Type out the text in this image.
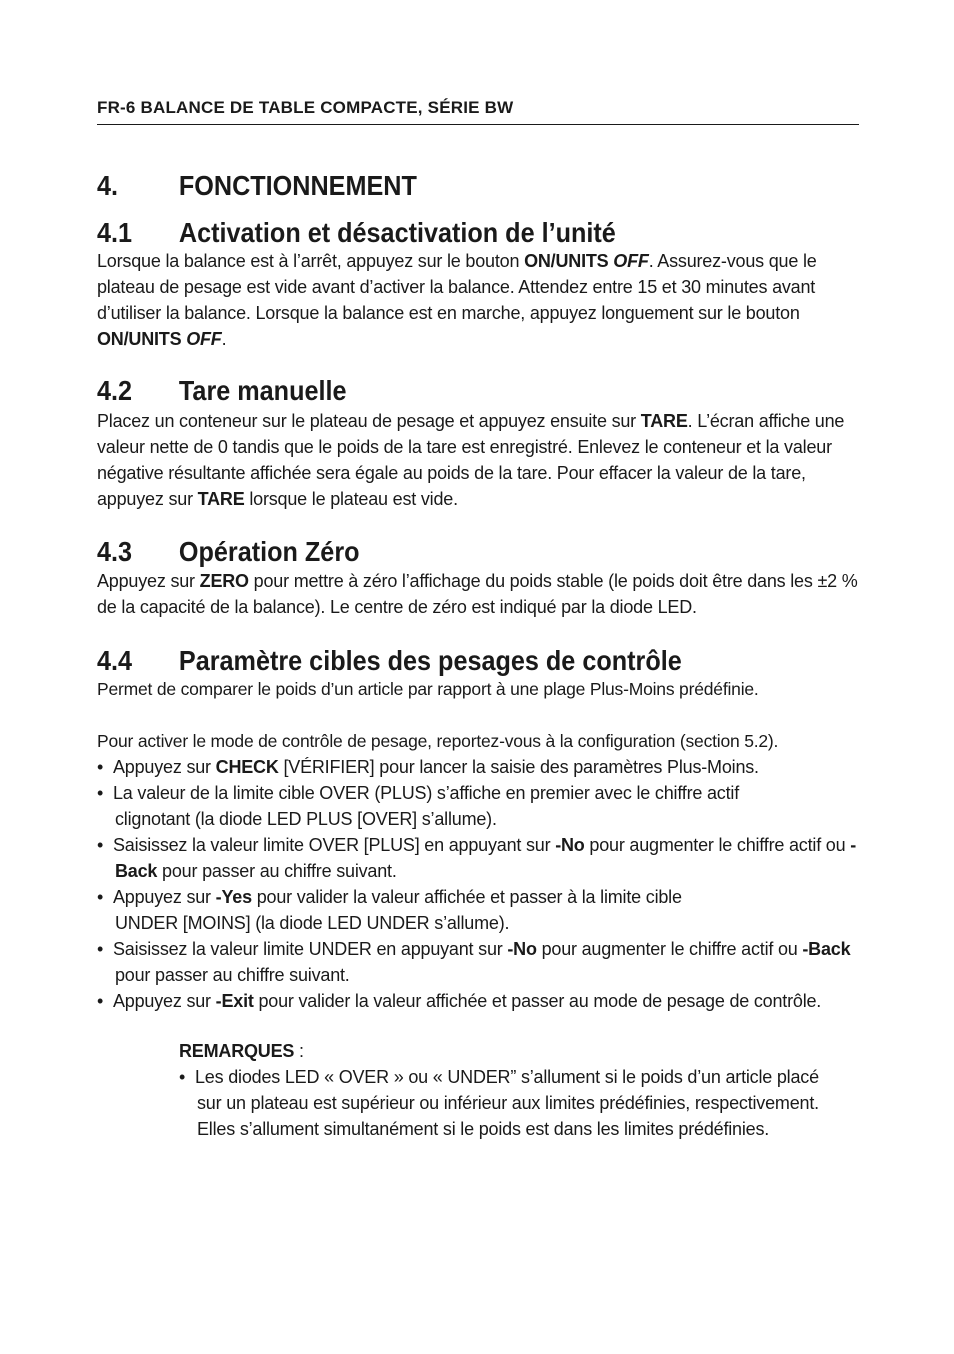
FR-6 BALANCE DE TABLE COMPACTE, SÉRIE BW
4. FONCTIONNEMENT
4.1 Activation et désactivation de l’unité

Lorsque la balance est à l’arrêt, appuyez sur le bouton ON/UNITS OFF. Assurez-vous que le plateau de pesage est vide avant d’activer la balance. Attendez entre 15 et 30 minutes avant d’utiliser la balance. Lorsque la balance est en marche, appuyez longuement sur le bouton ON/UNITS OFF.

4.2 Tare manuelle

Placez un conteneur sur le plateau de pesage et appuyez ensuite sur TARE. L’écran affiche une valeur nette de 0 tandis que le poids de la tare est enregistré. Enlevez le conteneur et la valeur négative résultante affichée sera égale au poids de la tare. Pour effacer la valeur de la tare, appuyez sur TARE lorsque le plateau est vide.

4.3 Opération Zéro

Appuyez sur ZERO pour mettre à zéro l’affichage du poids stable (le poids doit être dans les ±2 % de la capacité de la balance). Le centre de zéro est indiqué par la diode LED.

4.4 Paramètre cibles des pesages de contrôle

Permet de comparer le poids d’un article par rapport à une plage Plus-Moins prédéfinie.

Pour activer le mode de contrôle de pesage, reportez-vous à la configuration (section 5.2).

• Appuyez sur CHECK [VÉRIFIER] pour lancer la saisie des paramètres Plus-Moins.

• La valeur de la limite cible OVER (PLUS) s’affiche en premier avec le chiffre actif clignotant (la diode LED PLUS [OVER] s’allume).

• Saisissez la valeur limite OVER [PLUS] en appuyant sur -No pour augmenter le chiffre actif ou -Back pour passer au chiffre suivant.

• Appuyez sur -Yes pour valider la valeur affichée et passer à la limite cible
UNDER [MOINS] (la diode LED UNDER s’allume).

• Saisissez la valeur limite UNDER en appuyant sur -No pour augmenter le chiffre actif ou -Back pour passer au chiffre suivant.

• Appuyez sur -Exit pour valider la valeur affichée et passer au mode de pesage de contrôle.

REMARQUES :

• Les diodes LED « OVER » ou « UNDER” s’allument si le poids d’un article placé sur un plateau est supérieur ou inférieur aux limites prédéfinies, respectivement. Elles s’allument simultanément si le poids est dans les limites prédéfinies.
